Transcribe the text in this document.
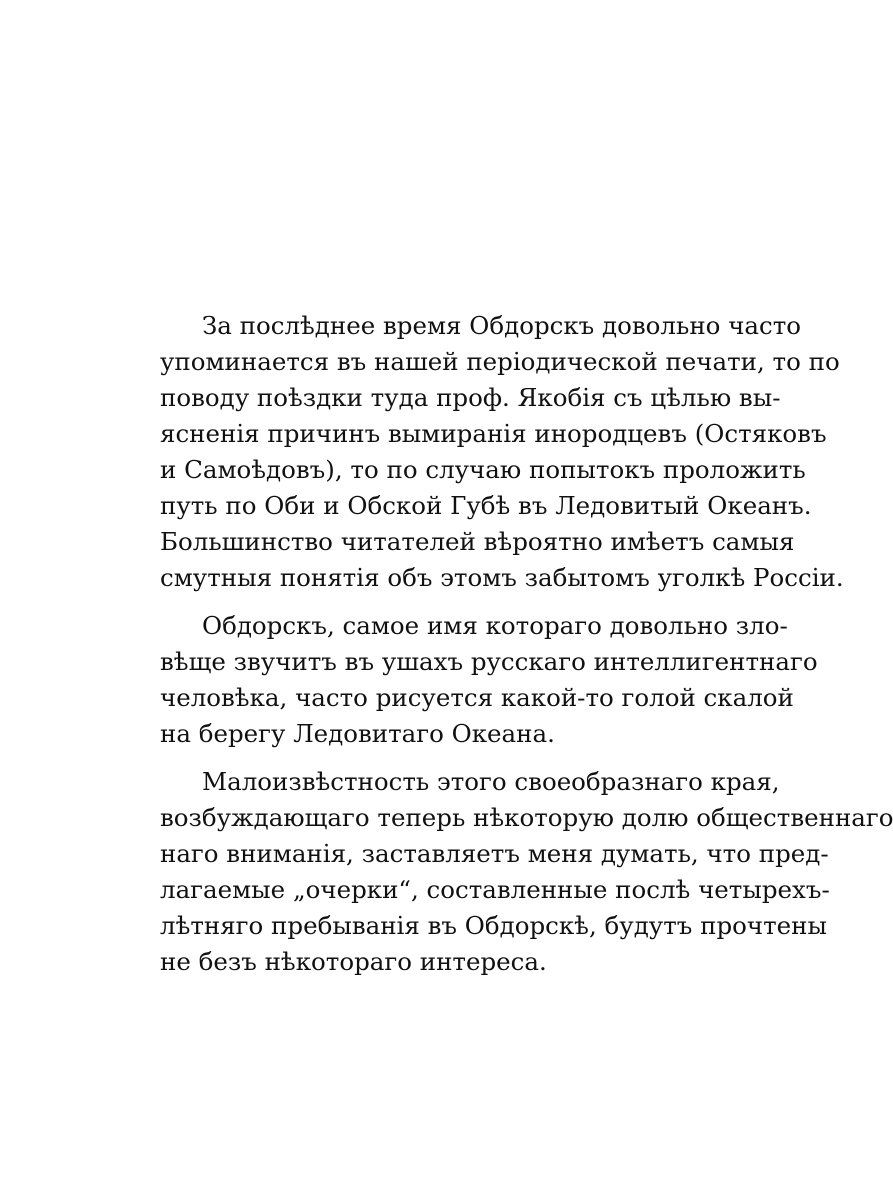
За послѣднее время Обдорскъ довольно часто
упоминается въ нашей періодической печати, то по
поводу поѣздки туда проф. Якобія съ цѣлью вы-
ясненія причинъ вымиранія инородцевъ (Остяковъ
и Самоѣдовъ), то по случаю попытокъ проложить
путь по Оби и Обской Губѣ въ Ледовитый Океанъ.
Большинство читателей вѣроятно имѣетъ самыя
смутныя понятія объ этомъ забытомъ уголкѣ Россіи.

Обдорскъ, самое имя котораго довольно зло-
вѣще звучитъ въ ушахъ русскаго интеллигентнаго
человѣка, часто рисуется какой-то голой скалой
на берегу Ледовитаго Океана.

Малоизвѣстность этого своеобразнаго края,
возбуждающаго теперь нѣкоторую долю общественнаго
наго вниманія, заставляетъ меня думать, что пред-
лагаемые „очерки“, составленные послѣ четырехъ-
лѣтняго пребыванія въ Обдорскѣ, будутъ прочтены
не безъ нѣкотораго интереса.
